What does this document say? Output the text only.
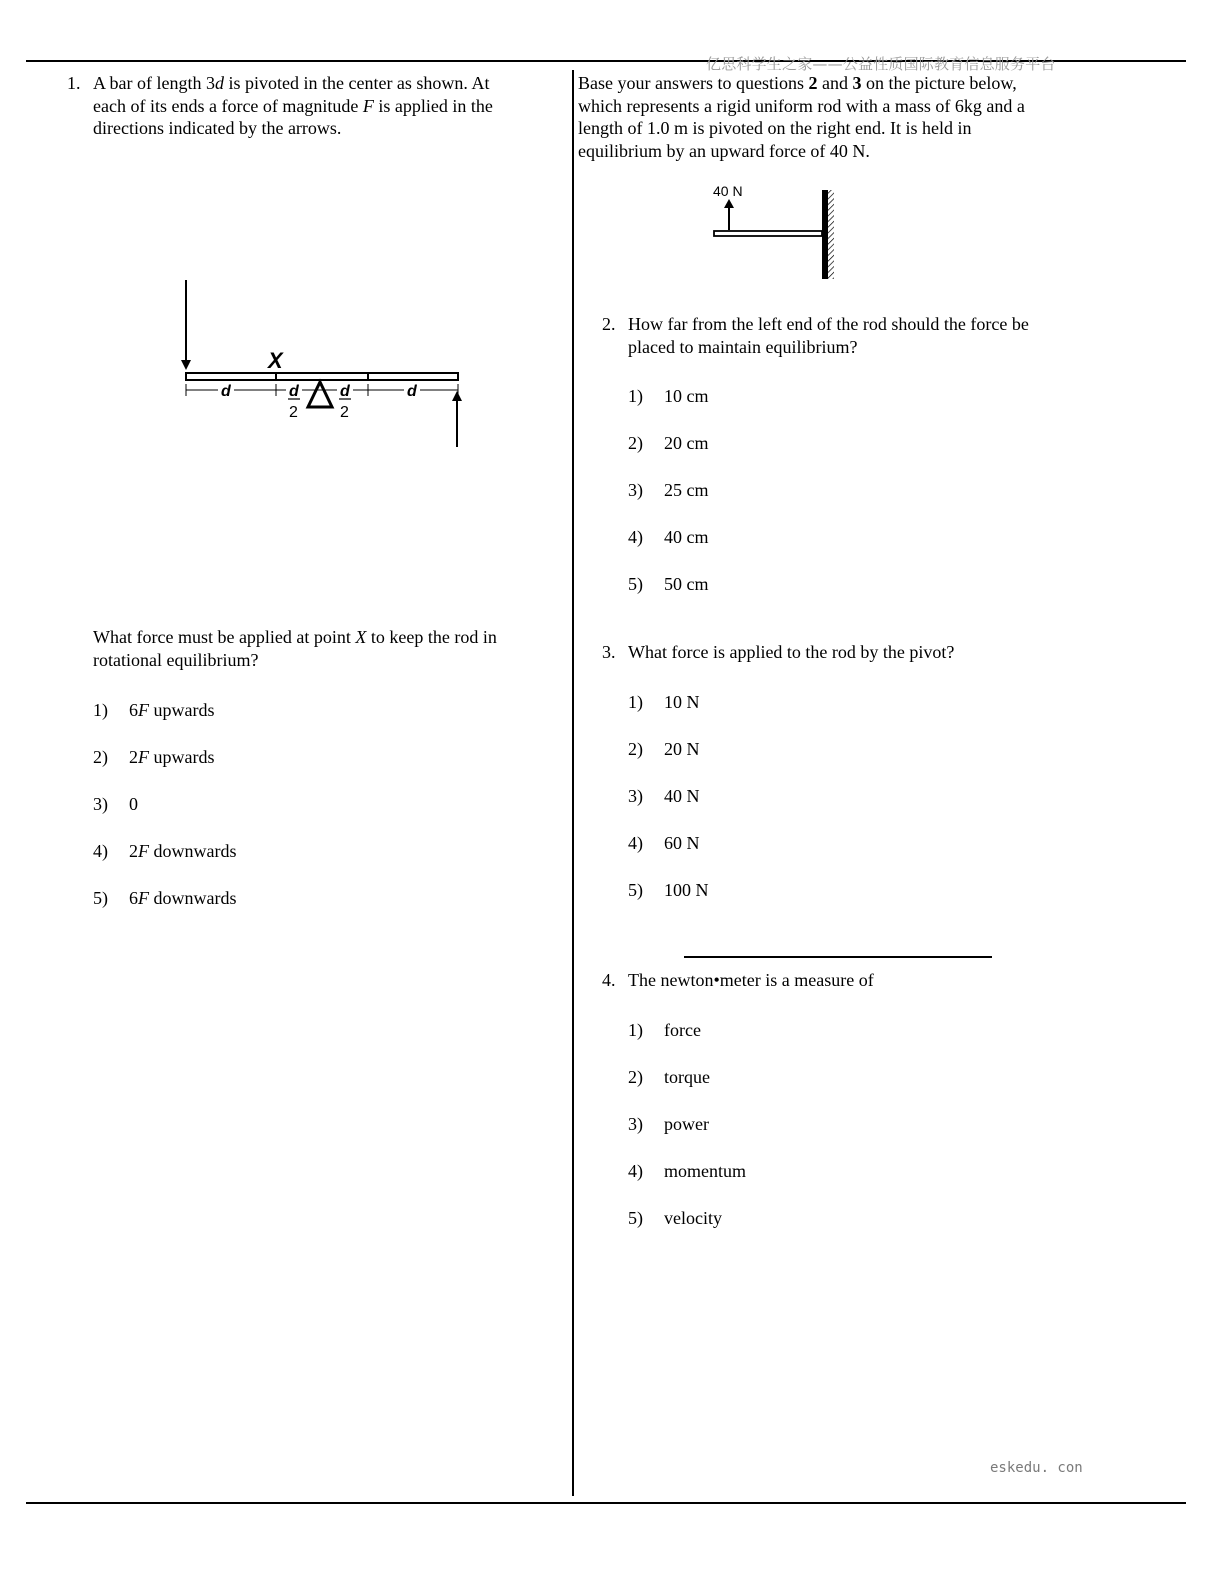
亿思科学生之家——公益性质国际教育信息服务平台
eskedu. con
1. A bar of length 3d is pivoted in the center as shown. At
each of its ends a force of magnitude F is applied in the
directions indicated by the arrows.
X
d	d
2
d
2
d
What force must be applied at point X to keep the rod in
rotational equilibrium?
1) 6F upwards
2) 2F upwards
3) 0
4) 2F downwards
5) 6F downwards
Base your answers to questions 2 and 3 on the picture below,
which represents a rigid uniform rod with a mass of 6kg and a
length of 1.0 m is pivoted on the right end. It is held in
equilibrium by an upward force of 40 N.
40 N
2. How far from the left end of the rod should the force be
placed to maintain equilibrium?
1) 10 cm
2) 20 cm
3) 25 cm
4) 40 cm
5) 50 cm
3. What force is applied to the rod by the pivot?
1) 10 N
2) 20 N
3) 40 N
4) 60 N
5) 100 N
4. The newton•meter is a measure of
1) force
2) torque
3) power
4) momentum
5) velocity
